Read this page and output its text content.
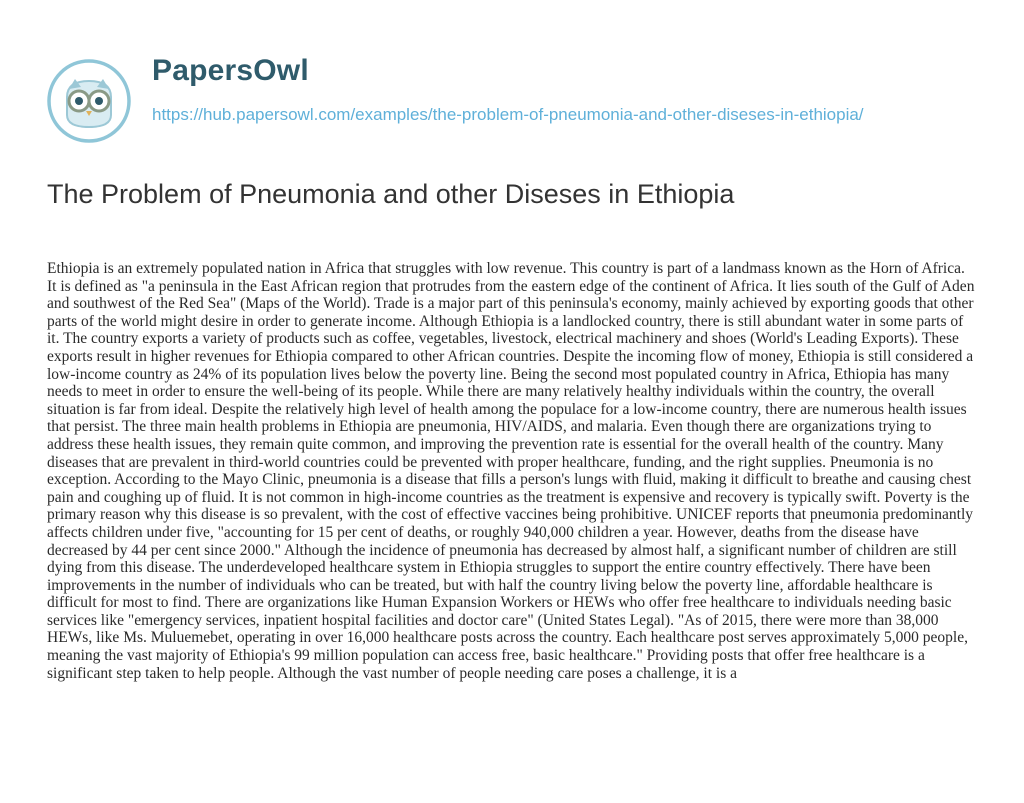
PapersOwl
https://hub.papersowl.com/examples/the-problem-of-pneumonia-and-other-diseses-in-ethiopia/
The Problem of Pneumonia and other Diseses in Ethiopia

Ethiopia is an extremely populated nation in Africa that struggles with low revenue. This country is part of a landmass known as the Horn of Africa. It is defined as "a peninsula in the East African region that protrudes from the eastern edge of the continent of Africa. It lies south of the Gulf of Aden and southwest of the Red Sea" (Maps of the World). Trade is a major part of this peninsula's economy, mainly achieved by exporting goods that other parts of the world might desire in order to generate income. Although Ethiopia is a landlocked country, there is still abundant water in some parts of it. The country exports a variety of products such as coffee, vegetables, livestock, electrical machinery and shoes (World's Leading Exports). These exports result in higher revenues for Ethiopia compared to other African countries. Despite the incoming flow of money, Ethiopia is still considered a low-income country as 24% of its population lives below the poverty line. Being the second most populated country in Africa, Ethiopia has many needs to meet in order to ensure the well-being of its people. While there are many relatively healthy individuals within the country, the overall situation is far from ideal. Despite the relatively high level of health among the populace for a low-income country, there are numerous health issues that persist. The three main health problems in Ethiopia are pneumonia, HIV/AIDS, and malaria. Even though there are organizations trying to address these health issues, they remain quite common, and improving the prevention rate is essential for the overall health of the country. Many diseases that are prevalent in third-world countries could be prevented with proper healthcare, funding, and the right supplies. Pneumonia is no exception. According to the Mayo Clinic, pneumonia is a disease that fills a person's lungs with fluid, making it difficult to breathe and causing chest pain and coughing up of fluid. It is not common in high-income countries as the treatment is expensive and recovery is typically swift. Poverty is the primary reason why this disease is so prevalent, with the cost of effective vaccines being prohibitive. UNICEF reports that pneumonia predominantly affects children under five, "accounting for 15 per cent of deaths, or roughly 940,000 children a year. However, deaths from the disease have decreased by 44 per cent since 2000." Although the incidence of pneumonia has decreased by almost half, a significant number of children are still dying from this disease. The underdeveloped healthcare system in Ethiopia struggles to support the entire country effectively. There have been improvements in the number of individuals who can be treated, but with half the country living below the poverty line, affordable healthcare is difficult for most to find. There are organizations like Human Expansion Workers or HEWs who offer free healthcare to individuals needing basic services like "emergency services, inpatient hospital facilities and doctor care" (United States Legal). "As of 2015, there were more than 38,000 HEWs, like Ms. Muluemebet, operating in over 16,000 healthcare posts across the country. Each healthcare post serves approximately 5,000 people, meaning the vast majority of Ethiopia's 99 million population can access free, basic healthcare." Providing posts that offer free healthcare is a significant step taken to help people. Although the vast number of people needing care poses a challenge, it is a
